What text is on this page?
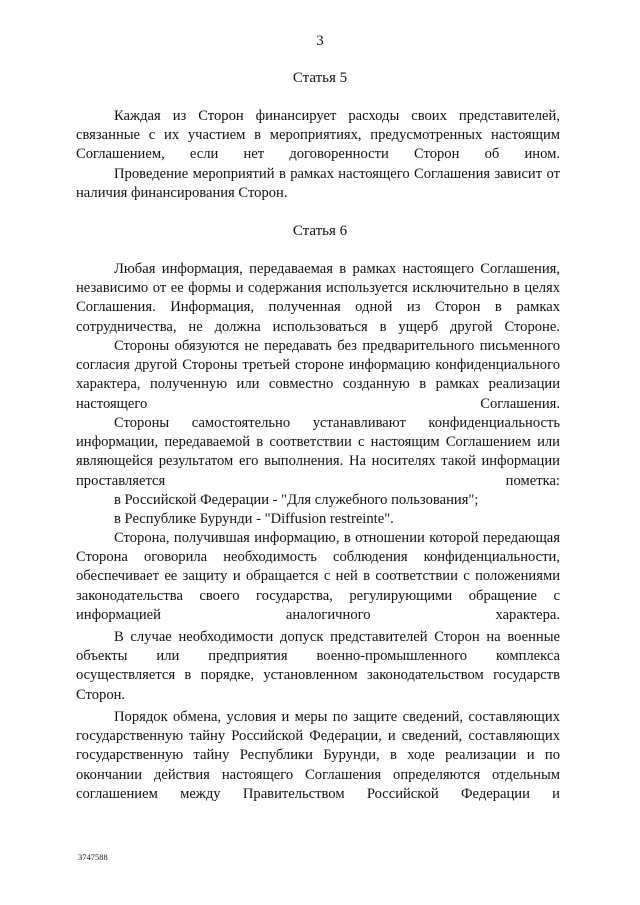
3
Статья 5
Каждая из Сторон финансирует расходы своих представителей, связанные с их участием в мероприятиях, предусмотренных настоящим Соглашением, если нет договоренности Сторон об ином.
Проведение мероприятий в рамках настоящего Соглашения зависит от наличия финансирования Сторон.
Статья 6
Любая информация, передаваемая в рамках настоящего Соглашения, независимо от ее формы и содержания используется исключительно в целях Соглашения. Информация, полученная одной из Сторон в рамках сотрудничества, не должна использоваться в ущерб другой Стороне.
Стороны обязуются не передавать без предварительного письменного согласия другой Стороны третьей стороне информацию конфиденциального характера, полученную или совместно созданную в рамках реализации настоящего Соглашения.
Стороны самостоятельно устанавливают конфиденциальность информации, передаваемой в соответствии с настоящим Соглашением или являющейся результатом его выполнения. На носителях такой информации проставляется пометка:
в Российской Федерации - "Для служебного пользования";
в Республике Бурунди - "Diffusion restreinte".
Сторона, получившая информацию, в отношении которой передающая Сторона оговорила необходимость соблюдения конфиденциальности, обеспечивает ее защиту и обращается с ней в соответствии с положениями законодательства своего государства, регулирующими обращение с информацией аналогичного характера.
В случае необходимости допуск представителей Сторон на военные объекты или предприятия военно-промышленного комплекса осуществляется в порядке, установленном законодательством государств Сторон.
Порядок обмена, условия и меры по защите сведений, составляющих государственную тайну Российской Федерации, и сведений, составляющих государственную тайну Республики Бурунди, в ходе реализации и по окончании действия настоящего Соглашения определяются отдельным соглашением между Правительством Российской Федерации и
3747588
